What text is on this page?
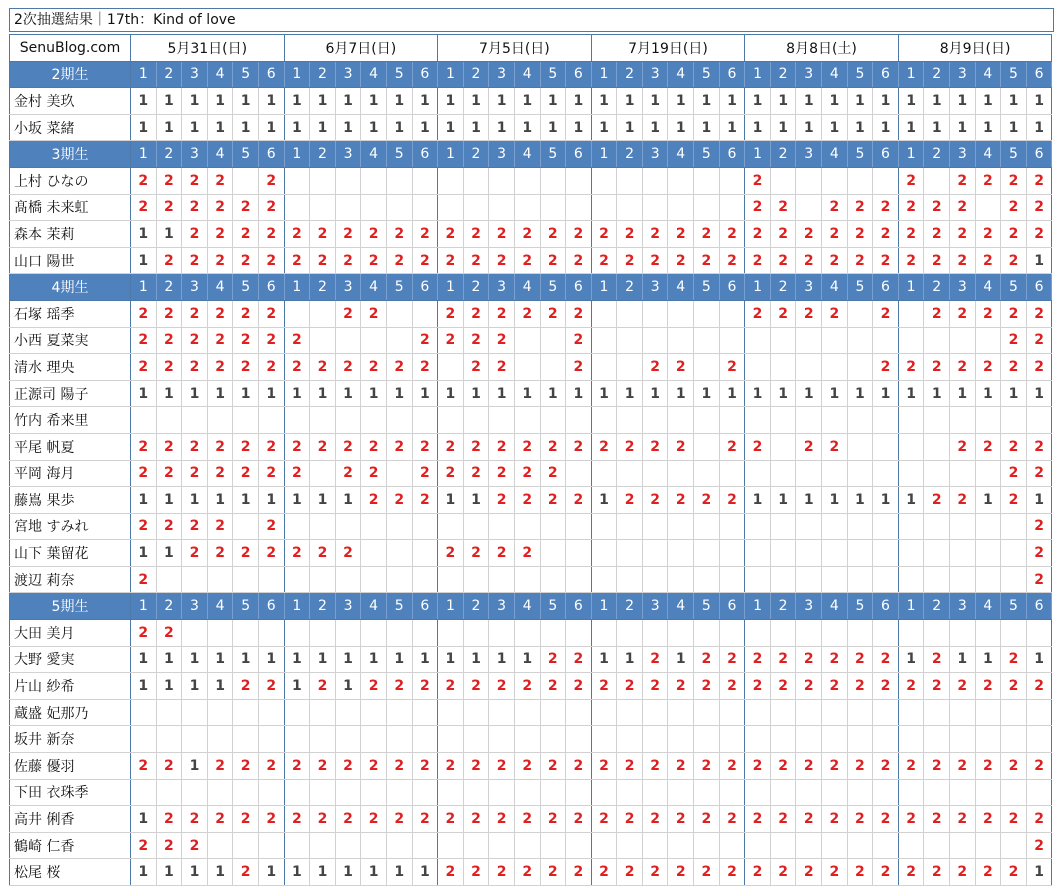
2次抽選結果｜17th：Kind of love
SenuBlog.com	5月31日(日)						6月7日(日)						7月5日(日)						7月19日(日)						8月8日(土)						8月9日(日)					
2期生	1	2	3	4	5	6	1	2	3	4	5	6	1	2	3	4	5	6	1	2	3	4	5	6	1	2	3	4	5	6	1	2	3	4	5	6
金村 美玖	1	1	1	1	1	1	1	1	1	1	1	1	1	1	1	1	1	1	1	1	1	1	1	1	1	1	1	1	1	1	1	1	1	1	1	1
小坂 菜緒	1	1	1	1	1	1	1	1	1	1	1	1	1	1	1	1	1	1	1	1	1	1	1	1	1	1	1	1	1	1	1	1	1	1	1	1
3期生	1	2	3	4	5	6	1	2	3	4	5	6	1	2	3	4	5	6	1	2	3	4	5	6	1	2	3	4	5	6	1	2	3	4	5	6
上村 ひなの	2	2	2	2		2																			2						2		2	2	2	2
髙橋 未来虹	2	2	2	2	2	2																			2	2		2	2	2	2	2	2		2	2
森本 茉莉	1	1	2	2	2	2	2	2	2	2	2	2	2	2	2	2	2	2	2	2	2	2	2	2	2	2	2	2	2	2	2	2	2	2	2	2
山口 陽世	1	2	2	2	2	2	2	2	2	2	2	2	2	2	2	2	2	2	2	2	2	2	2	2	2	2	2	2	2	2	2	2	2	2	2	1
4期生	1	2	3	4	5	6	1	2	3	4	5	6	1	2	3	4	5	6	1	2	3	4	5	6	1	2	3	4	5	6	1	2	3	4	5	6
石塚 瑶季	2	2	2	2	2	2			2	2			2	2	2	2	2	2							2	2	2	2		2		2	2	2	2	2
小西 夏菜実	2	2	2	2	2	2	2					2	2	2	2			2																	2	2
清水 理央	2	2	2	2	2	2	2	2	2	2	2	2		2	2			2			2	2		2						2	2	2	2	2	2	2
正源司 陽子	1	1	1	1	1	1	1	1	1	1	1	1	1	1	1	1	1	1	1	1	1	1	1	1	1	1	1	1	1	1	1	1	1	1	1	1
竹内 希来里																																				
平尾 帆夏	2	2	2	2	2	2	2	2	2	2	2	2	2	2	2	2	2	2	2	2	2	2		2	2		2	2					2	2	2	2
平岡 海月	2	2	2	2	2	2	2		2	2		2	2	2	2	2	2																		2	2
藤嶌 果歩	1	1	1	1	1	1	1	1	1	2	2	2	1	1	2	2	2	2	1	2	2	2	2	2	1	1	1	1	1	1	1	2	2	1	2	1
宮地 すみれ	2	2	2	2		2																														2
山下 葉留花	1	1	2	2	2	2	2	2	2				2	2	2	2																				2
渡辺 莉奈	2																																			2
5期生	1	2	3	4	5	6	1	2	3	4	5	6	1	2	3	4	5	6	1	2	3	4	5	6	1	2	3	4	5	6	1	2	3	4	5	6
大田 美月	2	2																																		
大野 愛実	1	1	1	1	1	1	1	1	1	1	1	1	1	1	1	1	2	2	1	1	2	1	2	2	2	2	2	2	2	2	1	2	1	1	2	1
片山 紗希	1	1	1	1	2	2	1	2	1	2	2	2	2	2	2	2	2	2	2	2	2	2	2	2	2	2	2	2	2	2	2	2	2	2	2	2
蔵盛 妃那乃																																				
坂井 新奈																																				
佐藤 優羽	2	2	1	2	2	2	2	2	2	2	2	2	2	2	2	2	2	2	2	2	2	2	2	2	2	2	2	2	2	2	2	2	2	2	2	2
下田 衣珠季																																				
高井 俐香	1	2	2	2	2	2	2	2	2	2	2	2	2	2	2	2	2	2	2	2	2	2	2	2	2	2	2	2	2	2	2	2	2	2	2	2
鶴崎 仁香	2	2	2																																	2
松尾 桜	1	1	1	1	2	1	1	1	1	1	1	1	2	2	2	2	2	2	2	2	2	2	2	2	2	2	2	2	2	2	2	2	2	2	2	1
